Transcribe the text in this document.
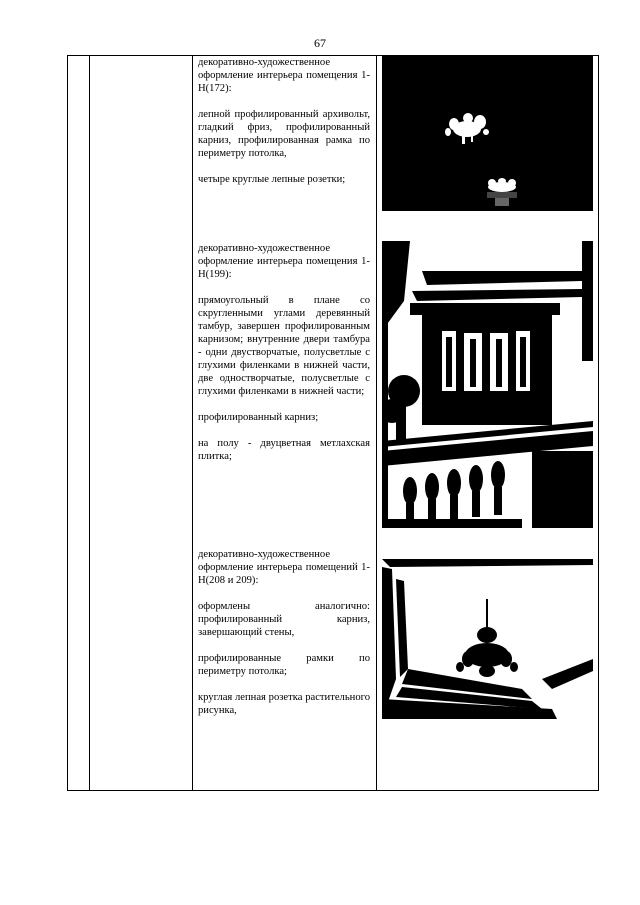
67

декоративно-художественное оформление интерьера помещения 1-Н(172):

лепной профилированный архивольт, гладкий фриз, профилированный карниз, профилированная рамка по периметру потолка,

четыре круглые лепные розетки;

декоративно-художественное оформление интерьера помещения 1-Н(199):

прямоугольный в плане со скругленными углами деревянный тамбур, завершен профилированным карнизом; внутренние двери тамбура - одни двустворчатые, полусветлые с глухими филенками в нижней части, две одностворчатые, полусветлые с глухими филенками в нижней части;

профилированный карниз;

на полу - двуцветная метлахская плитка;

декоративно-художественное оформление интерьера помещений 1-Н(208 и 209):

оформлены аналогично: профилированный карниз, завершающий стены,

профилированные рамки по периметру потолка;

круглая лепная розетка растительного рисунка,
